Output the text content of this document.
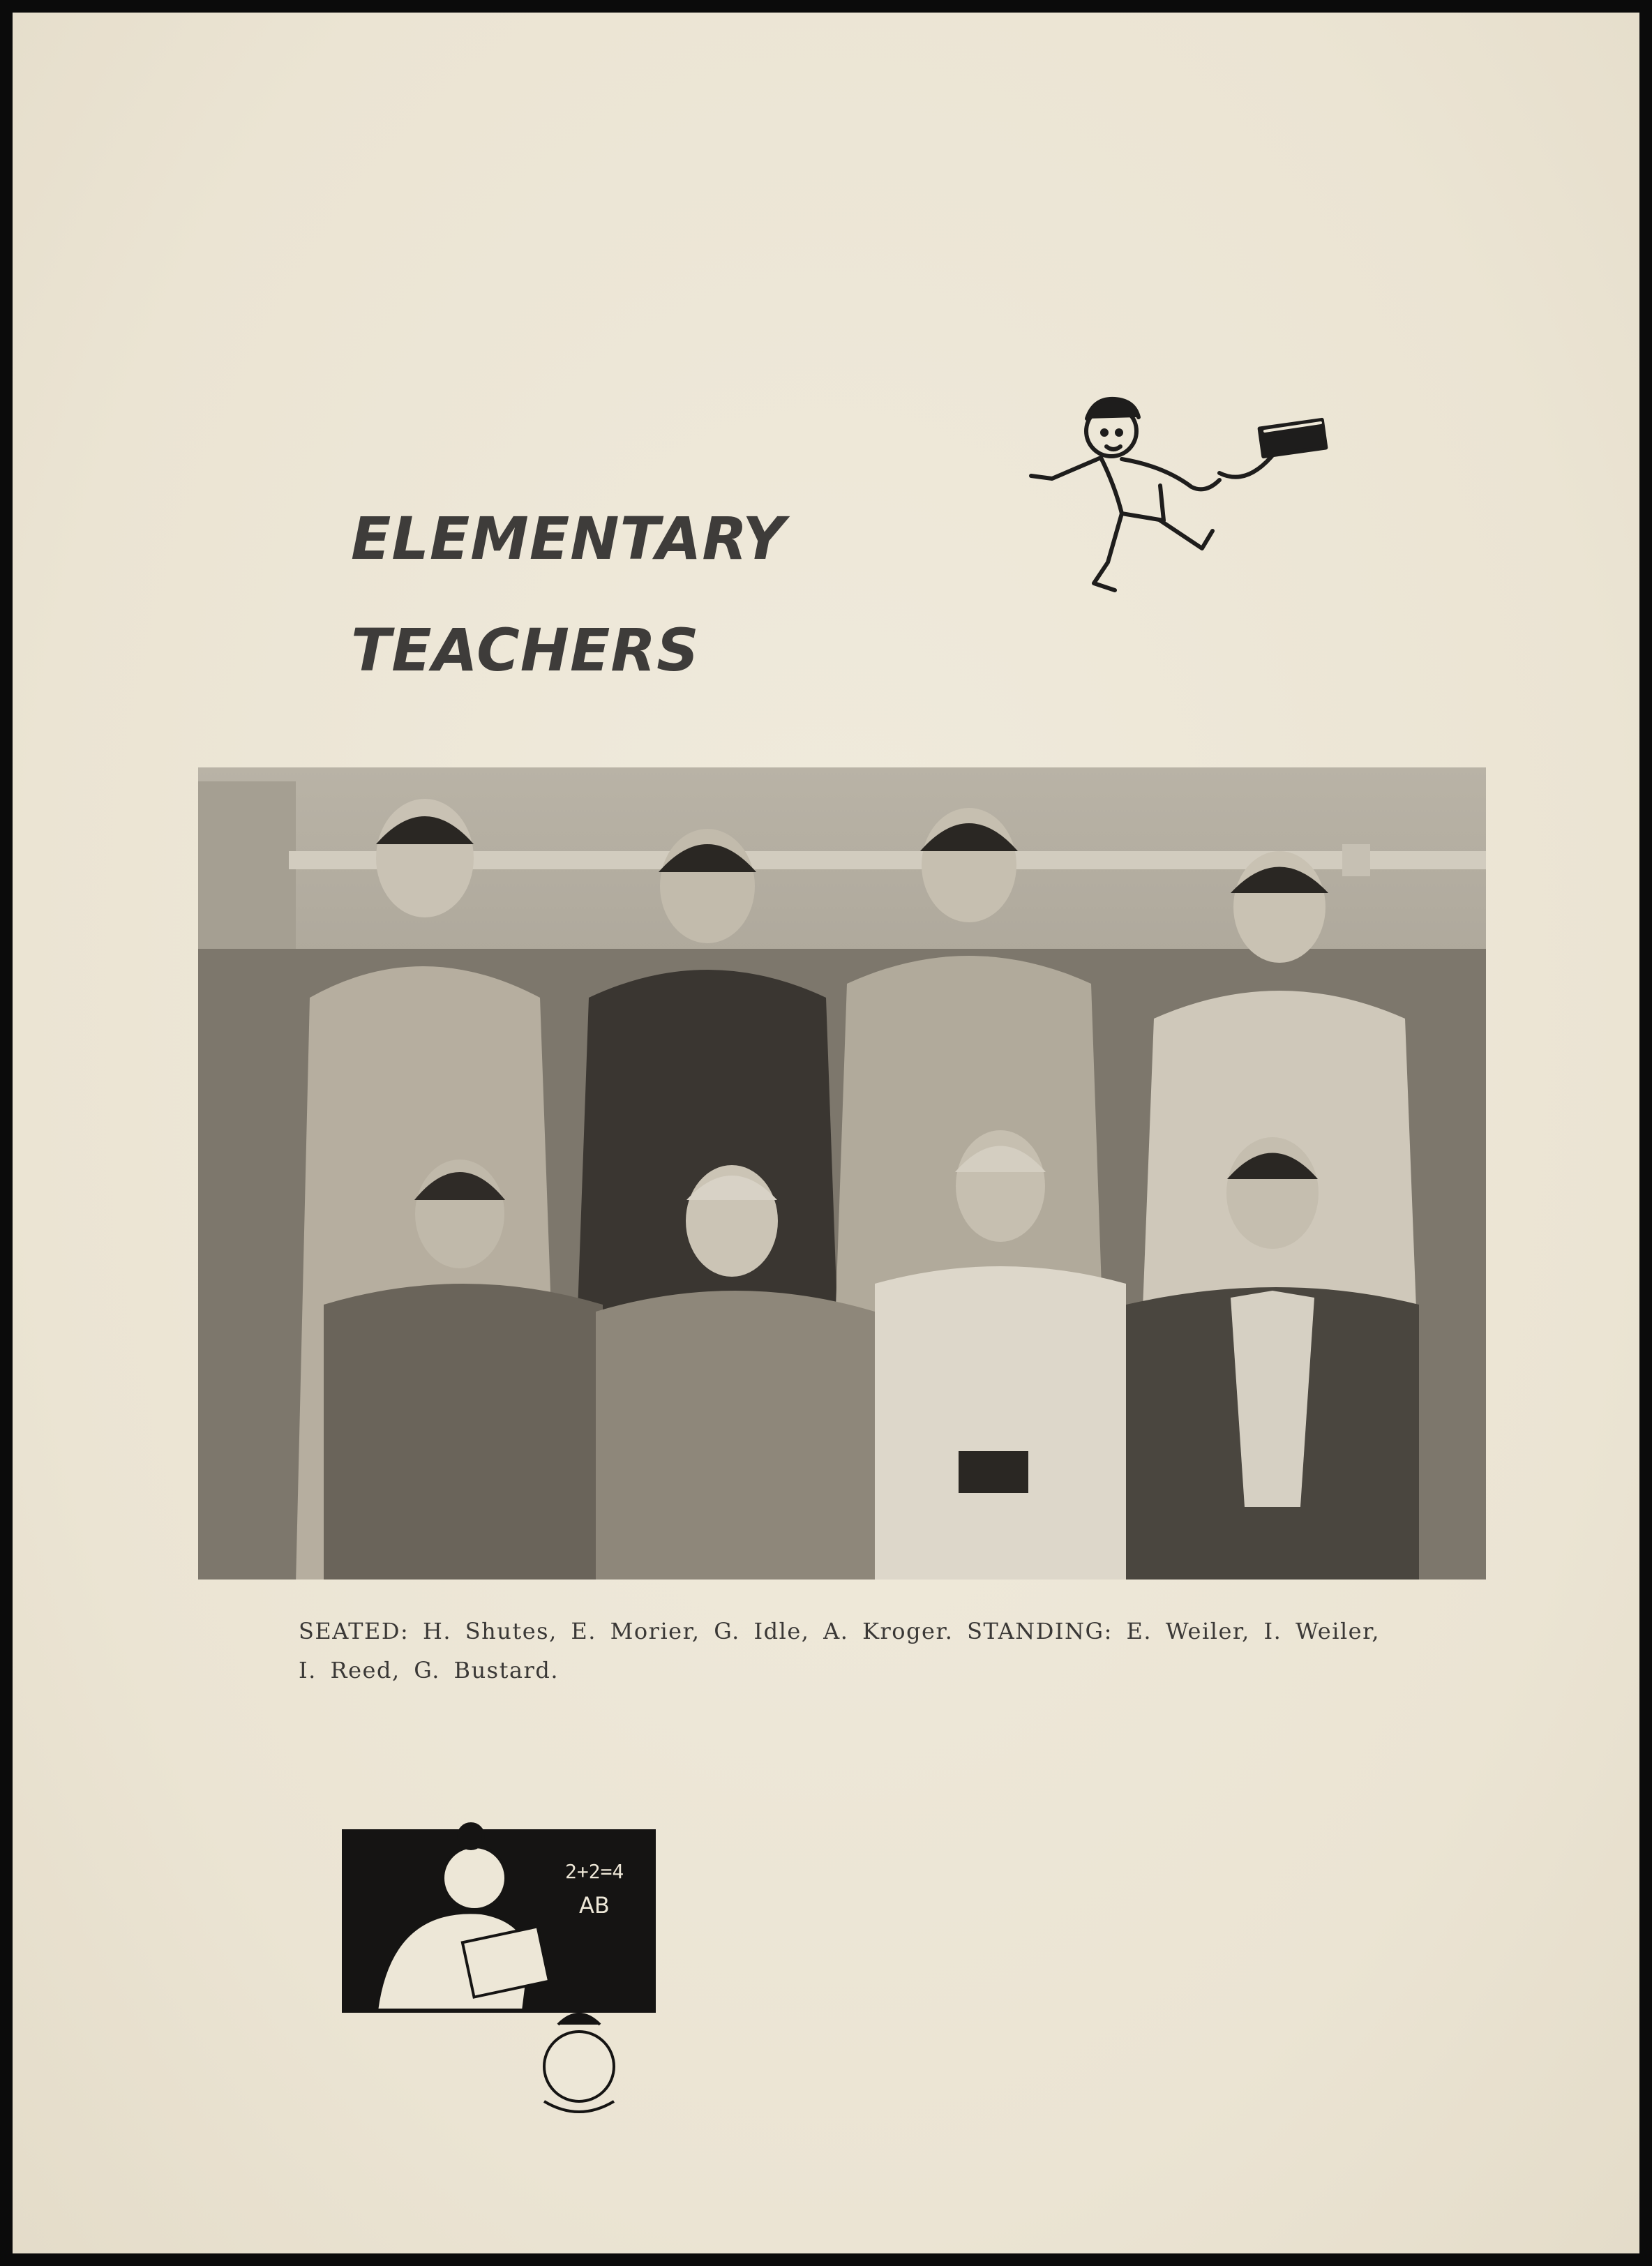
ELEMENTARY
TEACHERS

SEATED: H. Shutes, E. Morier, G. Idle, A. Kroger. STANDING: E. Weiler, I. Weiler,
I. Reed, G. Bustard.

2+2=4
AB
